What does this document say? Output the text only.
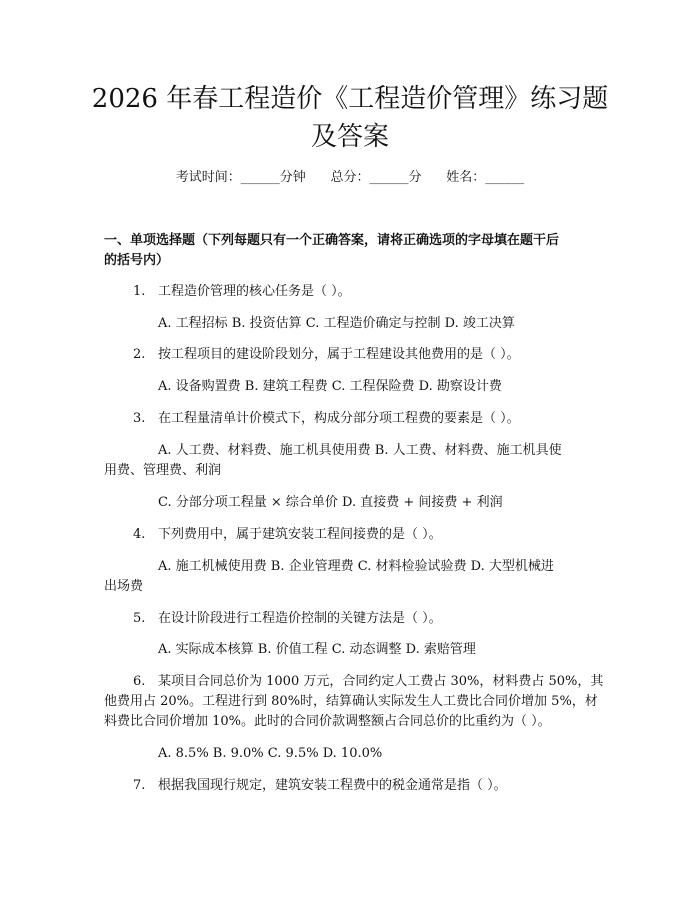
2026 年春工程造价《工程造价管理》练习题
及答案
考试时间：______分钟      总分：______分      姓名：______
一、单项选择题（下列每题只有一个正确答案，请将正确选项的字母填在题干后
的括号内）
1. 工程造价管理的核心任务是（ ）。
A. 工程招标 B. 投资估算 C. 工程造价确定与控制 D. 竣工决算
2. 按工程项目的建设阶段划分，属于工程建设其他费用的是（ ）。
A. 设备购置费 B. 建筑工程费 C. 工程保险费 D. 勘察设计费
3. 在工程量清单计价模式下，构成分部分项工程费的要素是（ ）。
A. 人工费、材料费、施工机具使用费 B. 人工费、材料费、施工机具使
用费、管理费、利润
C. 分部分项工程量 × 综合单价 D. 直接费 + 间接费 + 利润
4. 下列费用中，属于建筑安装工程间接费的是（ ）。
A. 施工机械使用费 B. 企业管理费 C. 材料检验试验费 D. 大型机械进
出场费
5. 在设计阶段进行工程造价控制的关键方法是（ ）。
A. 实际成本核算 B. 价值工程 C. 动态调整 D. 索赔管理
6. 某项目合同总价为 1000 万元，合同约定人工费占 30%，材料费占 50%，其
他费用占 20%。工程进行到 80%时，结算确认实际发生人工费比合同价增加 5%，材
料费比合同价增加 10%。此时的合同价款调整额占合同总价的比重约为（ ）。
A. 8.5% B. 9.0% C. 9.5% D. 10.0%
7. 根据我国现行规定，建筑安装工程费中的税金通常是指（ ）。
